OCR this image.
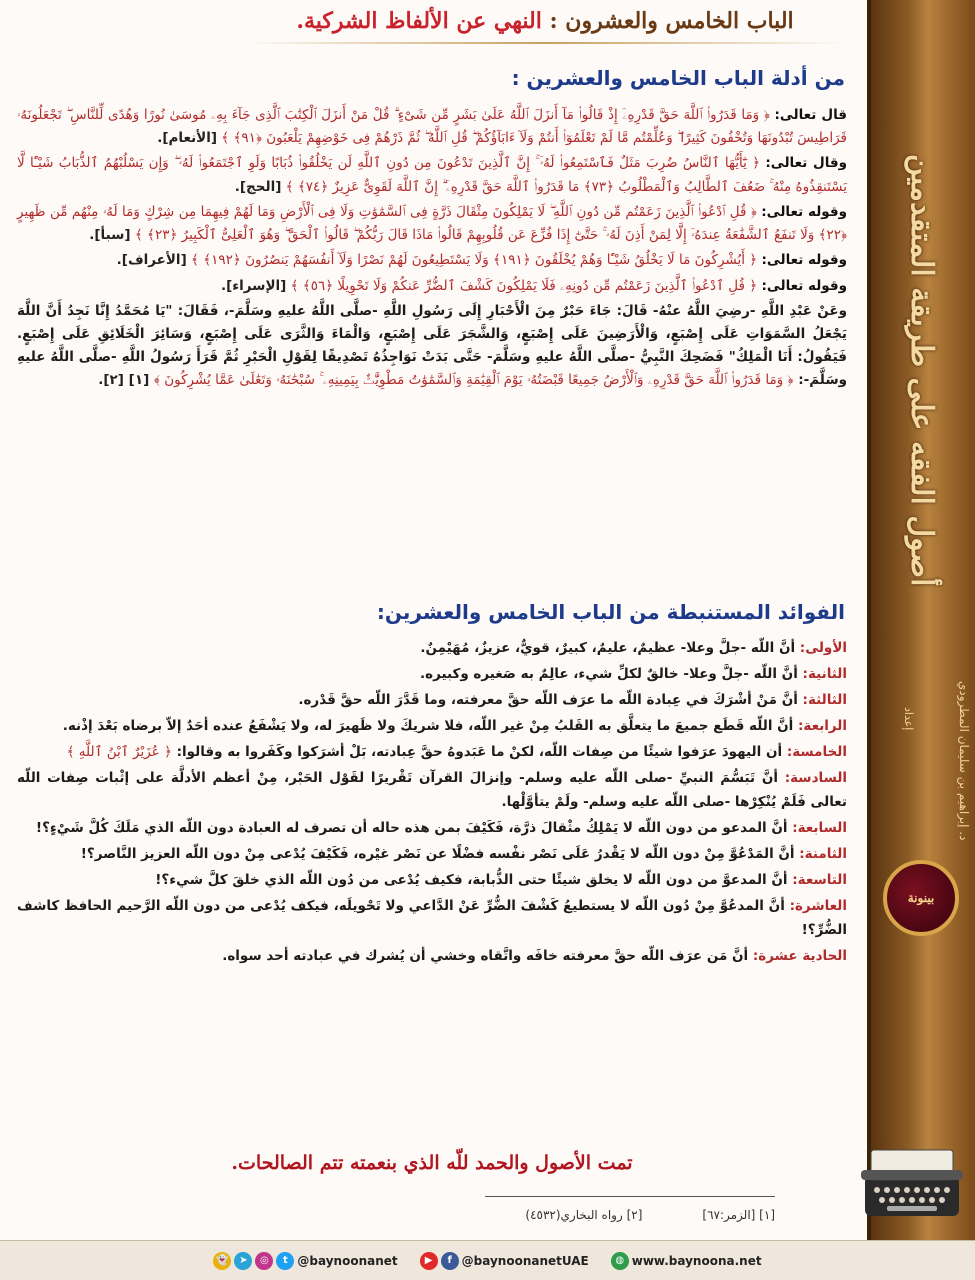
أصول الفقه على طريقة المتقدمين
إعداد	د. إبراهيم بن سليمان المطرودي
بينونة
الباب الخامس والعشرون : النهي عن الألفاظ الشركية.
من أدلة الباب الخامس والعشرين :

قال تعالى: ﴿ وَمَا قَدَرُوا۟ ٱللَّهَ حَقَّ قَدْرِهِۦٓ إِذْ قَالُوا۟ مَآ أَنزَلَ ٱللَّهُ عَلَىٰ بَشَرٍ مِّن شَىْءٍ ۗ قُلْ مَنْ أَنزَلَ ٱلْكِتَٰبَ ٱلَّذِى جَآءَ بِهِۦ مُوسَىٰ نُورًا وَهُدًى لِّلنَّاسِ ۖ تَجْعَلُونَهُۥ قَرَاطِيسَ تُبْدُونَهَا وَتُخْفُونَ كَثِيرًا ۖ وَعُلِّمْتُم مَّا لَمْ تَعْلَمُوٓا۟ أَنتُمْ وَلَآ ءَابَآؤُكُمْ ۖ قُلِ ٱللَّهُ ۖ ثُمَّ ذَرْهُمْ فِى خَوْضِهِمْ يَلْعَبُونَ ﴿٩١﴾ ﴾ [الأنعام].

وقال تعالى: ﴿ يَٰٓأَيُّهَا ٱلنَّاسُ ضُرِبَ مَثَلٌ فَٱسْتَمِعُوا۟ لَهُۥٓ ۚ إِنَّ ٱلَّذِينَ تَدْعُونَ مِن دُونِ ٱللَّهِ لَن يَخْلُقُوا۟ ذُبَابًا وَلَوِ ٱجْتَمَعُوا۟ لَهُۥ ۖ وَإِن يَسْلُبْهُمُ ٱلذُّبَابُ شَيْـًٔا لَّا يَسْتَنقِذُوهُ مِنْهُ ۚ ضَعُفَ ٱلطَّالِبُ وَٱلْمَطْلُوبُ ﴿٧٣﴾ مَا قَدَرُوا۟ ٱللَّهَ حَقَّ قَدْرِهِۦٓ ۗ إِنَّ ٱللَّهَ لَقَوِىٌّ عَزِيزٌ ﴿٧٤﴾ ﴾ [الحج].

وقوله تعالى: ﴿ قُلِ ٱدْعُوا۟ ٱلَّذِينَ زَعَمْتُم مِّن دُونِ ٱللَّهِ ۖ لَا يَمْلِكُونَ مِثْقَالَ ذَرَّةٍ فِى ٱلسَّمَٰوَٰتِ وَلَا فِى ٱلْأَرْضِ وَمَا لَهُمْ فِيهِمَا مِن شِرْكٍ وَمَا لَهُۥ مِنْهُم مِّن ظَهِيرٍ ﴿٢٢﴾ وَلَا تَنفَعُ ٱلشَّفَٰعَةُ عِندَهُۥٓ إِلَّا لِمَنْ أَذِنَ لَهُۥ ۚ حَتَّىٰٓ إِذَا فُزِّعَ عَن قُلُوبِهِمْ قَالُوا۟ مَاذَا قَالَ رَبُّكُمْ ۖ قَالُوا۟ ٱلْحَقَّ ۖ وَهُوَ ٱلْعَلِىُّ ٱلْكَبِيرُ ﴿٢٣﴾ ﴾ [سبأ].

وقوله تعالى: ﴿ أَيُشْرِكُونَ مَا لَا يَخْلُقُ شَيْـًٔا وَهُمْ يُخْلَقُونَ ﴿١٩١﴾ وَلَا يَسْتَطِيعُونَ لَهُمْ نَصْرًا وَلَآ أَنفُسَهُمْ يَنصُرُونَ ﴿١٩٢﴾ ﴾ [الأعراف].

وقوله تعالى: ﴿ قُلِ ٱدْعُوا۟ ٱلَّذِينَ زَعَمْتُم مِّن دُونِهِۦ فَلَا يَمْلِكُونَ كَشْفَ ٱلضُّرِّ عَنكُمْ وَلَا تَحْوِيلًا ﴿٥٦﴾ ﴾ [الإسراء].

وعَنْ عَبْدِ اللَّهِ -رضِيَ اللَّهُ عنْهُ- قَالَ: جَاءَ حَبْرٌ مِنَ الْأَحْبَارِ إِلَى رَسُولِ اللَّهِ -صلَّى اللَّهُ عليهِ وسَلَّمَ-، فَقَالَ: "يَا مُحَمَّدُ إِنَّا نَجِدُ أَنَّ اللَّهَ يَجْعَلُ السَّمَوَاتِ عَلَى إِصْبَعٍ، وَالْأَرَضِينَ عَلَى إِصْبَعٍ، وَالشَّجَرَ عَلَى إِصْبَعٍ، وَالْمَاءَ وَالثَّرَى عَلَى إِصْبَعٍ، وَسَائِرَ الْخَلَائِقِ عَلَى إِصْبَعٍ. فَيَقُولُ: أَنَا الْمَلِكُ" فَضَحِكَ النَّبِيُّ -صلَّى اللَّهُ عليهِ وسَلَّمَ- حَتَّى بَدَتْ نَوَاجِذُهُ تَصْدِيقًا لِقَوْلِ الْحَبْرِ ثُمَّ قَرَأَ رَسُولُ اللَّهِ -صلَّى اللَّهُ عليهِ وسَلَّمَ-: ﴿ وَمَا قَدَرُوا۟ ٱللَّهَ حَقَّ قَدْرِهِۦ وَٱلْأَرْضُ جَمِيعًا قَبْضَتُهُۥ يَوْمَ ٱلْقِيَٰمَةِ وَٱلسَّمَٰوَٰتُ مَطْوِيَّٰتٌۢ بِيَمِينِهِۦ ۚ سُبْحَٰنَهُۥ وَتَعَٰلَىٰ عَمَّا يُشْرِكُونَ ﴾ [١] [٢].

الفوائد المستنبطة من الباب الخامس والعشرين:

الأولى: أنَّ اللّه -جلَّ وعلا- عظيمٌ، عليمٌ، كبيرٌ، قويٌّ، عزيزٌ، مُهَيْمِنٌ.

الثانية: أنَّ اللّه -جلَّ وعلا- خالقٌ لكلِّ شيء، عالِمٌ به صَغيره وكبيره.

الثالثة: أنَّ مَنْ أشْرَكَ في عِبادة اللّه ما عرَف اللّه حقَّ معرفته، وما قَدَّرَ اللّه حقَّ قَدْره.

الرابعة: أنَّ اللّه قَطَع جميعَ ما يتعلَّق به القَلبُ مِنْ غير اللّه، فلا شريكَ ولا ظَهيرَ له، ولا يَشْفَعُ عنده أحَدٌ إلاّ برضاه بَعْدَ إذْنه.

الخامسة: أن اليهودَ عرَفوا شيئًا من صِفات اللّه، لكنْ ما عَبَدوهُ حقَّ عِبادته، بَلْ أشرَكوا وكَفَروا به وقالوا: ﴿ عُزَيْرٌ ٱبْنُ ٱللَّهِ ﴾

السادسة: أنَّ تَبَسُّمَ النبيِّ -صلى اللّه عليه وسلم- وإنزالَ القرآن تَقْريرًا لقَوْل الحَبْر، مِنْ أعظم الأدلَّة على إثْبات صِفات اللّه تعالى فَلَمْ يُنْكِرْها -صلى اللّه عليه وسلم- ولَمْ يتأوَّلْها.

السابعة: أنَّ المدعو من دون اللّه لا يَمْلِكُ مثْقالَ ذرَّة، فَكَيْفَ بمن هذه حاله أن تصرف له العبادة دون اللّه الذي مَلَكَ كُلَّ شَيْءٍ؟!

الثامنة: أنَّ المَدْعُوَّ مِنْ دون اللّه لا يَقْدرُ عَلَى نَصْر نفْسه فضْلًا عن نَصْر غيْره، فَكَيْفَ يُدْعى مِنْ دون اللّه العزيز النَّاصر؟!

التاسعة: أنَّ المدعوَّ من دون اللّه لا يخلق شيئًا حتى الذُّبابة، فكيف يُدْعى من دُون اللّه الذي خلقَ كلَّ شيء؟!

العاشرة: أنَّ المدعُوَّ مِنْ دُون اللّه لا يستطيعُ كَشْفَ الضُّرِّ عَنْ الدَّاعي ولا تَحْويلَه، فيكف يُدْعى من دون اللّه الرَّحيم الحافظ كاشف الضُّرِّ؟!

الحادية عشرة: أنَّ مَن عرَف اللّه حقَّ معرفته خافَه واتَّقاه وخشي أن يُشرك في عبادته أحد سواه.

تمت الأصول والحمد للّه الذي بنعمته تتم الصالحات.
[١] [الزمر:٦٧]
[٢] رواه البخاري(٤٥٣٢)
👻	➤	◎	t @baynoonanet	▶	f @baynoonanetUAE	◍ www.baynoona.net
